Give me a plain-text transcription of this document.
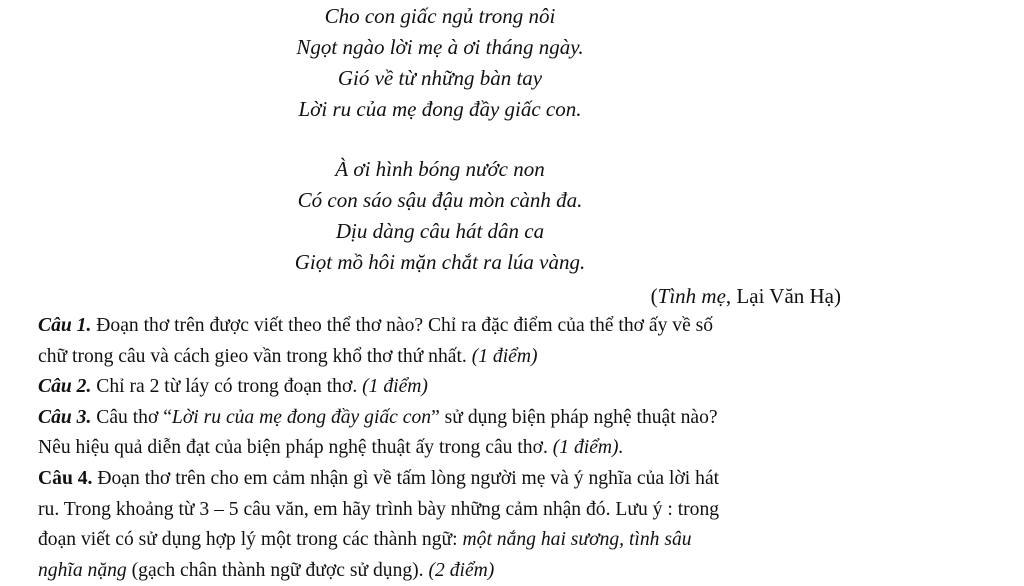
Cho con giấc ngủ trong nôi
Ngọt ngào lời mẹ à ơi tháng ngày.
Gió về từ những bàn tay
Lời ru của mẹ đong đầy giấc con.
À ơi hình bóng nước non
Có con sáo sậu đậu mòn cành đa.
Dịu dàng câu hát dân ca
Giọt mồ hôi mặn chắt ra lúa vàng.
(Tình mẹ, Lại Văn Hạ)
Câu 1. Đoạn thơ trên được viết theo thể thơ nào? Chỉ ra đặc điểm của thể thơ ấy về số
chữ trong câu và cách gieo vần trong khổ thơ thứ nhất. (1 điểm)
Câu 2. Chỉ ra 2 từ láy có trong đoạn thơ. (1 điểm)
Câu 3. Câu thơ “Lời ru của mẹ đong đầy giấc con” sử dụng biện pháp nghệ thuật nào?
Nêu hiệu quả diễn đạt của biện pháp nghệ thuật ấy trong câu thơ. (1 điểm).
Câu 4. Đoạn thơ trên cho em cảm nhận gì về tấm lòng người mẹ và ý nghĩa của lời hát
ru. Trong khoảng từ 3 – 5 câu văn, em hãy trình bày những cảm nhận đó. Lưu ý : trong
đoạn viết có sử dụng hợp lý một trong các thành ngữ: một nắng hai sương, tình sâu
nghĩa nặng (gạch chân thành ngữ được sử dụng). (2 điểm)
